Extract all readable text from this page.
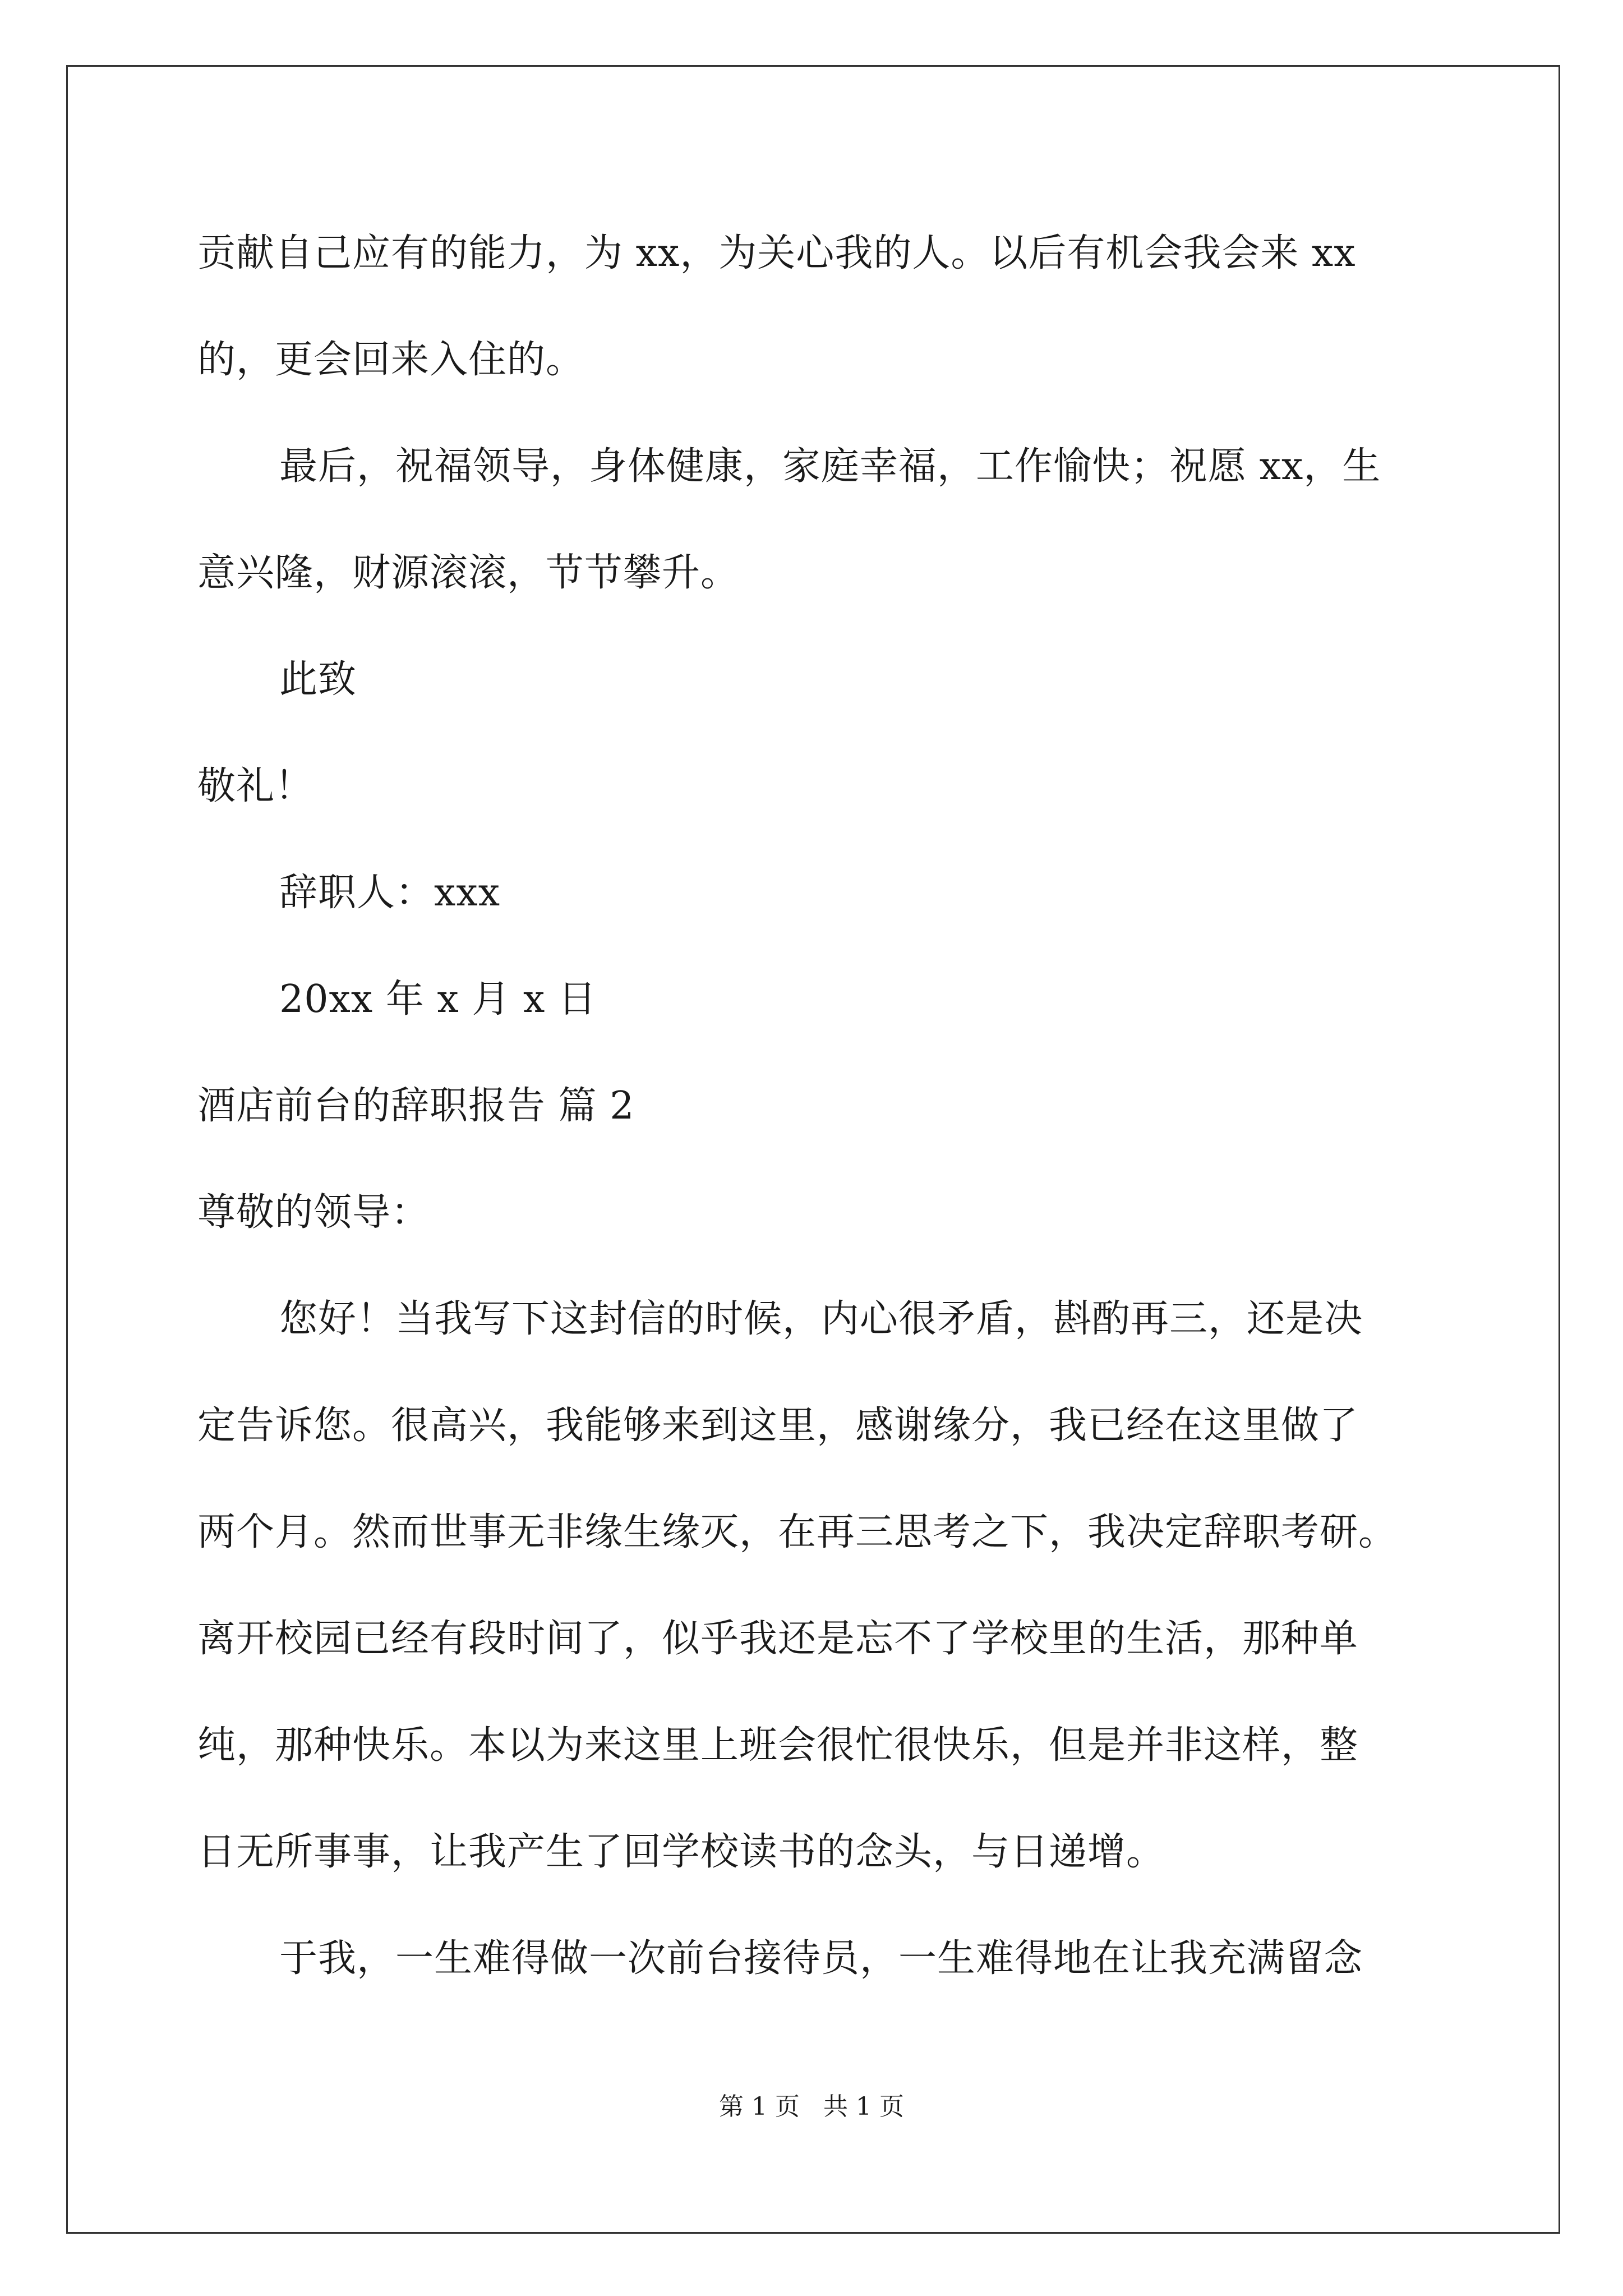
贡献自己应有的能力，为 xx，为关心我的人。以后有机会我会来 xx
的，更会回来入住的。
最后，祝福领导，身体健康，家庭幸福，工作愉快；祝愿 xx，生
意兴隆，财源滚滚，节节攀升。
此致
敬礼！
辞职人：xxx
20xx 年 x 月 x 日
酒店前台的辞职报告 篇 2
尊敬的领导：
您好！当我写下这封信的时候，内心很矛盾，斟酌再三，还是决
定告诉您。很高兴，我能够来到这里，感谢缘分，我已经在这里做了
两个月。然而世事无非缘生缘灭，在再三思考之下，我决定辞职考研。
离开校园已经有段时间了，似乎我还是忘不了学校里的生活，那种单
纯，那种快乐。本以为来这里上班会很忙很快乐，但是并非这样，整
日无所事事，让我产生了回学校读书的念头，与日递增。
于我，一生难得做一次前台接待员，一生难得地在让我充满留念
第 1 页   共 1 页
